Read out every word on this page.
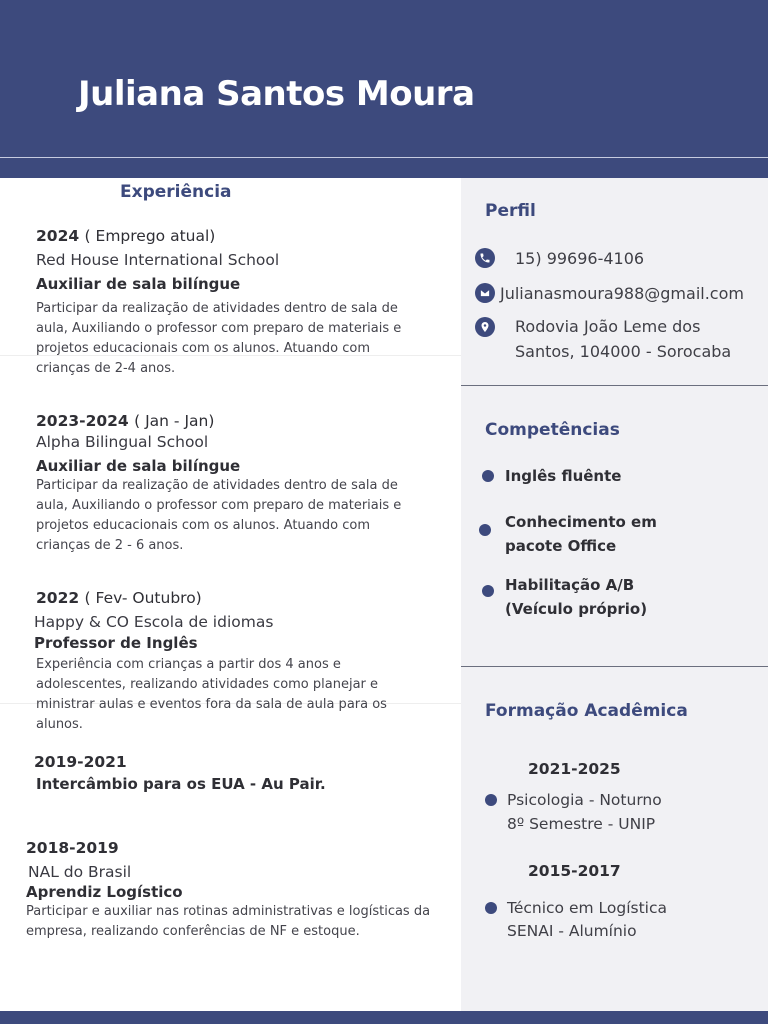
Juliana Santos Moura
Experiência
2024 ( Emprego atual)
Red House International School
Auxiliar de sala bilíngue
Participar da realização de atividades dentro de sala de aula, Auxiliando o professor com preparo de materiais e projetos educacionais com os alunos. Atuando com crianças de 2-4 anos.
2023-2024 ( Jan - Jan)
Alpha Bilingual School
Auxiliar de sala bilíngue
Participar da realização de atividades dentro de sala de aula, Auxiliando o professor com preparo de materiais e projetos educacionais com os alunos. Atuando com crianças de 2 - 6 anos.
2022 ( Fev- Outubro)
Happy & CO Escola de idiomas
Professor de Inglês
Experiência com crianças a partir dos 4 anos e adolescentes, realizando atividades como planejar e ministrar aulas e eventos fora da sala de aula para os alunos.
2019-2021
Intercâmbio para os EUA - Au Pair.
2018-2019
NAL do Brasil
Aprendiz Logístico
Participar e auxiliar nas rotinas administrativas e logísticas da empresa, realizando conferências de NF e estoque.
Perfil
15) 99696-4106
Julianasmoura988@gmail.com
Rodovia João Leme dos
Santos, 104000 - Sorocaba
Competências
Inglês fluênte
Conhecimento em
pacote Office
Habilitação A/B
(Veículo próprio)
Formação Acadêmica
2021-2025
Psicologia - Noturno
8º Semestre - UNIP
2015-2017
Técnico em Logística
SENAI - Alumínio
